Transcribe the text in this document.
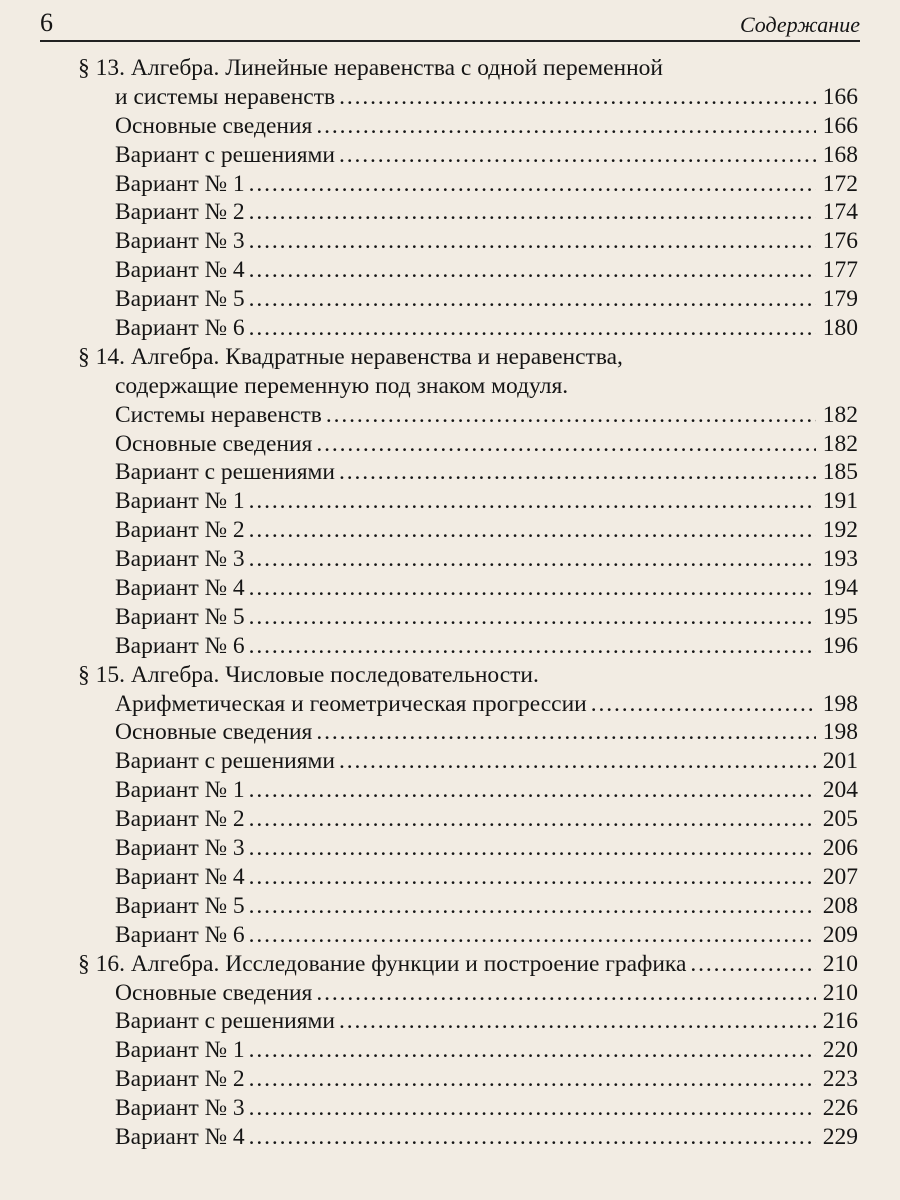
6	Содержание
§ 13. Алгебра. Линейные неравенства с одной переменной
и системы неравенств . . .	166
Основные сведения . . .	166
Вариант с решениями . . .	168
Вариант № 1 . . .	172
Вариант № 2 . . .	174
Вариант № 3 . . .	176
Вариант № 4 . . .	177
Вариант № 5 . . .	179
Вариант № 6 . . .	180
§ 14. Алгебра. Квадратные неравенства и неравенства,
содержащие переменную под знаком модуля.
Системы неравенств . . .	182
Основные сведения . . .	182
Вариант с решениями . . .	185
Вариант № 1 . . .	191
Вариант № 2 . . .	192
Вариант № 3 . . .	193
Вариант № 4 . . .	194
Вариант № 5 . . .	195
Вариант № 6 . . .	196
§ 15. Алгебра. Числовые последовательности.
Арифметическая и геометрическая прогрессии . . .	198
Основные сведения . . .	198
Вариант с решениями . . .	201
Вариант № 1 . . .	204
Вариант № 2 . . .	205
Вариант № 3 . . .	206
Вариант № 4 . . .	207
Вариант № 5 . . .	208
Вариант № 6 . . .	209
§ 16. Алгебра. Исследование функции и построение графика . . .	210
Основные сведения . . .	210
Вариант с решениями . . .	216
Вариант № 1 . . .	220
Вариант № 2 . . .	223
Вариант № 3 . . .	226
Вариант № 4 . . .	229
